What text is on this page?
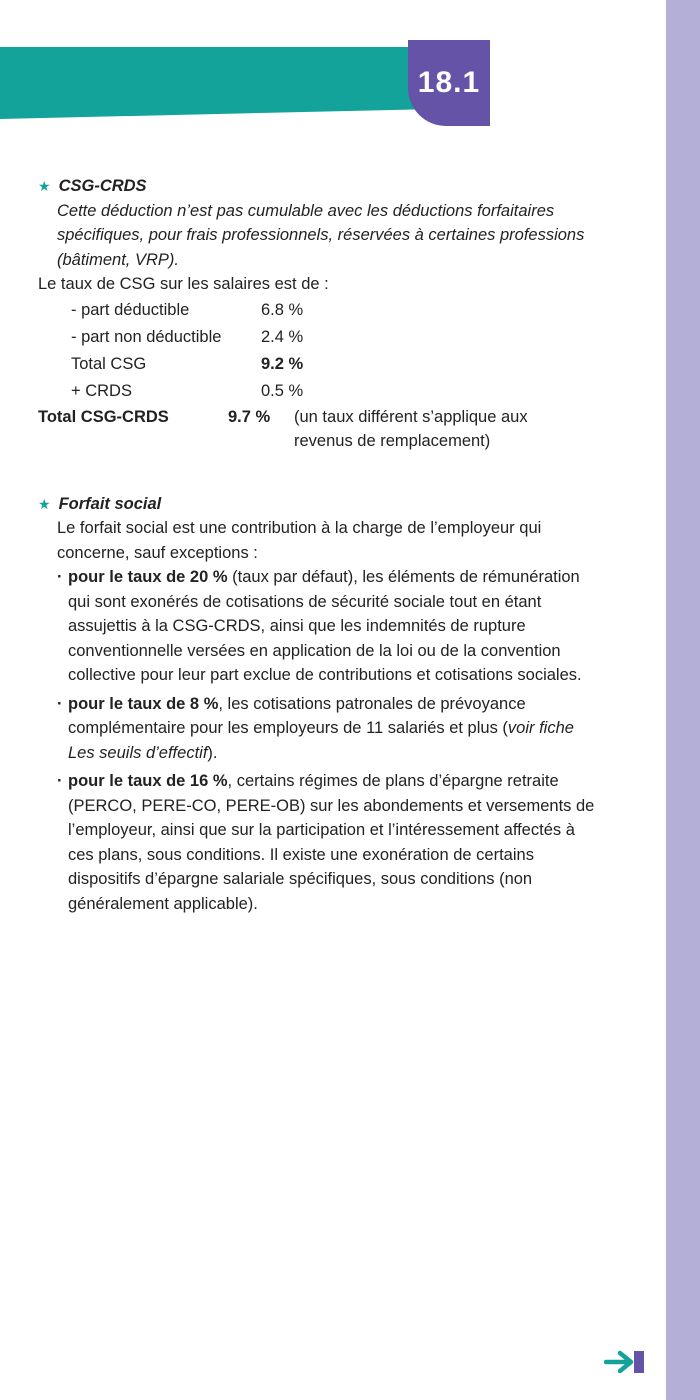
18.1
★ CSG-CRDS
Cette déduction n’est pas cumulable avec les déductions forfaitaires spécifiques, pour frais professionnels, réservées à certaines professions (bâtiment, VRP).
Le taux de CSG sur les salaires est de :
- part déductible	6.8 %
- part non déductible	2.4 %
Total CSG	9.2 %
+ CRDS	0.5 %
Total CSG-CRDS	9.7 %	(un taux différent s’applique aux revenus de remplacement)
★ Forfait social
Le forfait social est une contribution à la charge de l’employeur qui concerne, sauf exceptions :
· pour le taux de 20 % (taux par défaut), les éléments de rémunération qui sont exonérés de cotisations de sécurité sociale tout en étant assujettis à la CSG-CRDS, ainsi que les indemnités de rupture conventionnelle versées en application de la loi ou de la convention collective pour leur part exclue de contributions et cotisations sociales.
· pour le taux de 8 %, les cotisations patronales de prévoyance complémentaire pour les employeurs de 11 salariés et plus (voir fiche Les seuils d’effectif).
· pour le taux de 16 %, certains régimes de plans d’épargne retraite (PERCO, PERE-CO, PERE-OB) sur les abondements et versements de l’employeur, ainsi que sur la participation et l’intéressement affectés à ces plans, sous conditions. Il existe une exonération de certains dispositifs d’épargne salariale spécifiques, sous conditions (non généralement applicable).
